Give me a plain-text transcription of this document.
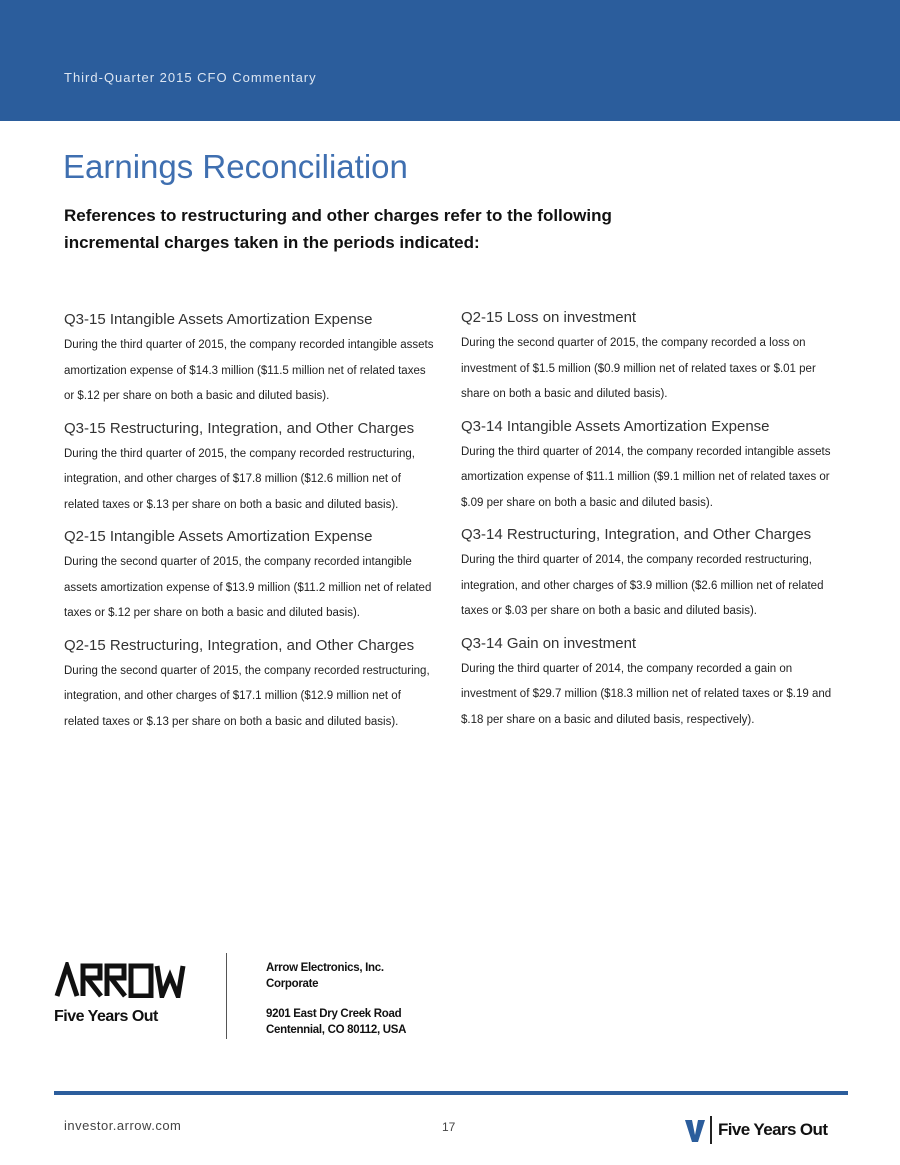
Third-Quarter 2015 CFO Commentary
Earnings Reconciliation
References to restructuring and other charges refer to the following incremental charges taken in the periods indicated:
Q3-15 Intangible Assets Amortization Expense
During the third quarter of 2015, the company recorded intangible assets amortization expense of $14.3 million ($11.5 million net of related taxes or $.12 per share on both a basic and diluted basis).
Q3-15 Restructuring, Integration, and Other Charges
During the third quarter of 2015, the company recorded restructuring, integration, and other charges of $17.8 million ($12.6 million net of related taxes or $.13 per share on both a basic and diluted basis).
Q2-15 Intangible Assets Amortization Expense
During the second quarter of 2015, the company recorded intangible assets amortization expense of $13.9 million ($11.2 million net of related taxes or $.12 per share on both a basic and diluted basis).
Q2-15 Restructuring, Integration, and Other Charges
During the second quarter of 2015, the company recorded restructuring, integration, and other charges of $17.1 million ($12.9 million net of related taxes or $.13 per share on both a basic and diluted basis).
Q2-15 Loss on investment
During the second quarter of 2015, the company recorded a loss on investment of $1.5 million ($0.9 million net of related taxes or $.01 per share on both a basic and diluted basis).
Q3-14 Intangible Assets Amortization Expense
During the third quarter of 2014, the company recorded intangible assets amortization expense of $11.1 million ($9.1 million net of related taxes or $.09 per share on both a basic and diluted basis).
Q3-14 Restructuring, Integration, and Other Charges
During the third quarter of 2014, the company recorded restructuring, integration, and other charges of $3.9 million ($2.6 million net of related taxes or $.03 per share on both a basic and diluted basis).
Q3-14 Gain on investment
During the third quarter of 2014, the company recorded a gain on investment of $29.7 million ($18.3 million net of related taxes or $.19 and $.18 per share on a basic and diluted basis, respectively).
Five Years Out
Arrow Electronics, Inc.
Corporate
9201 East Dry Creek Road
Centennial, CO 80112, USA
investor.arrow.com	17	Five Years Out
